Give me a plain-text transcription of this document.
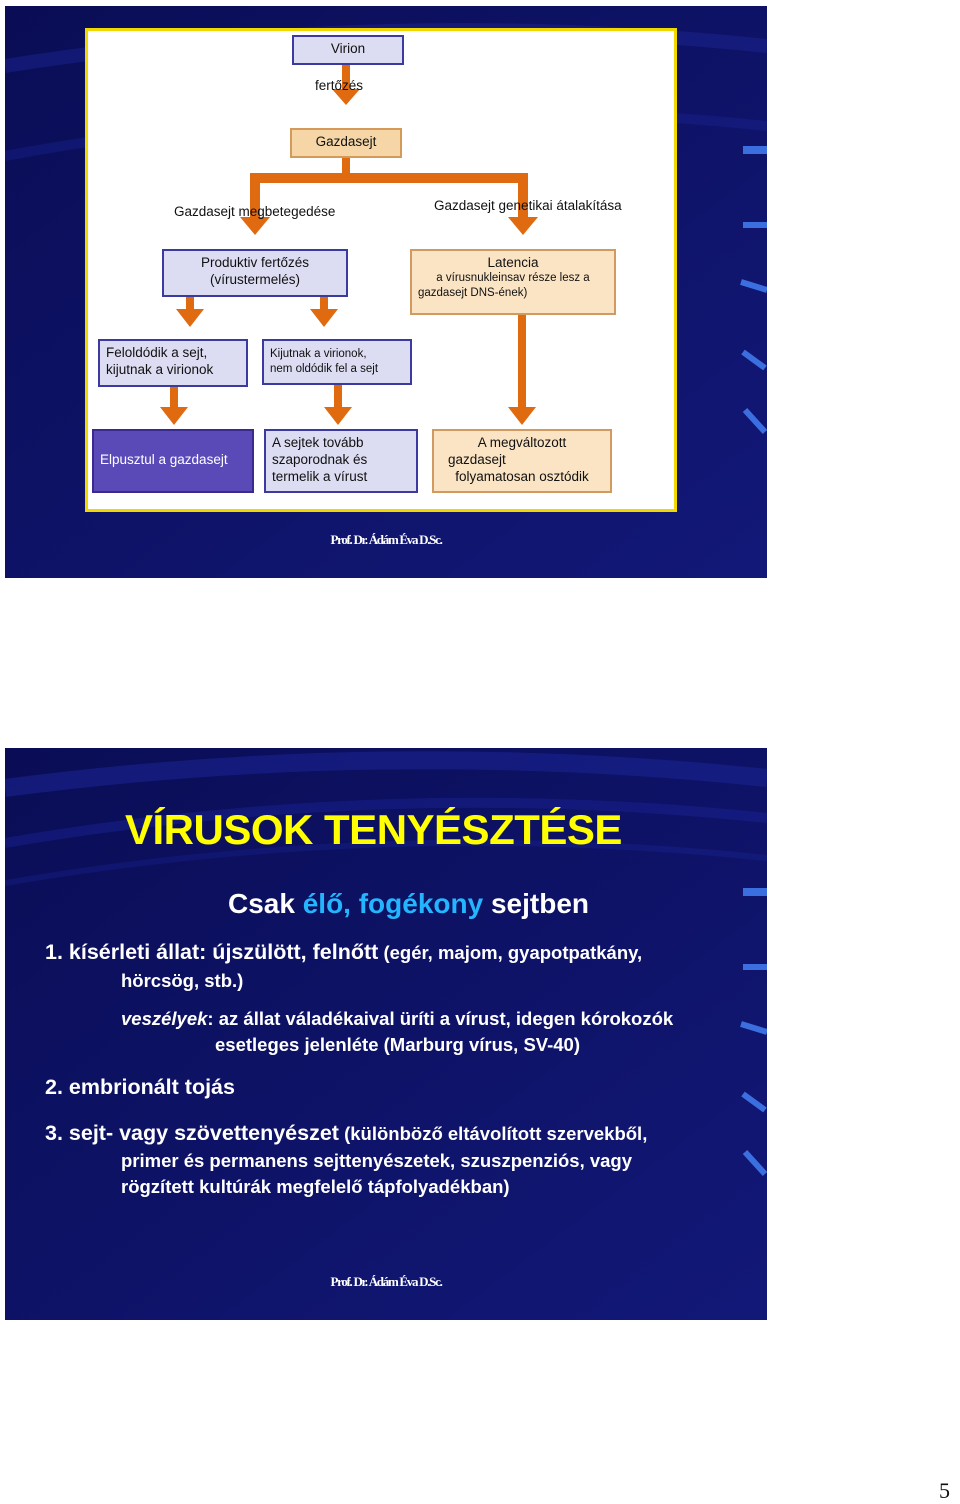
Virion
fertőzés
Gazdasejt
Gazdasejt megbetegedése	Gazdasejt genetikai átalakítása
Produktiv fertőzés
(vírustermelés)
Latencia
a vírusnukleinsav része lesz a
gazdasejt DNS-ének)
Feloldódik a sejt,
kijutnak a virionok
Kijutnak a virionok,
nem oldódik fel a sejt
Elpusztul a gazdasejt
A sejtek tovább
szaporodnak és
termelik a vírust
A megváltozott
gazdasejt
folyamatosan osztódik
Prof. Dr. Ádám Éva D.Sc.
VÍRUSOK TENYÉSZTÉSE
Csak élő, fogékony sejtben
1. kísérleti állat: újszülött, felnőtt (egér, majom, gyapotpatkány,
hörcsög, stb.)
veszélyek: az állat váladékaival üríti a vírust, idegen kórokozók
esetleges jelenléte (Marburg vírus, SV-40)
2. embrionált tojás
3. sejt- vagy szövettenyészet (különböző eltávolított szervekből,
primer és permanens sejttenyészetek, szuszpenziós, vagy
rögzített kultúrák megfelelő tápfolyadékban)
Prof. Dr. Ádám Éva D.Sc.
5
